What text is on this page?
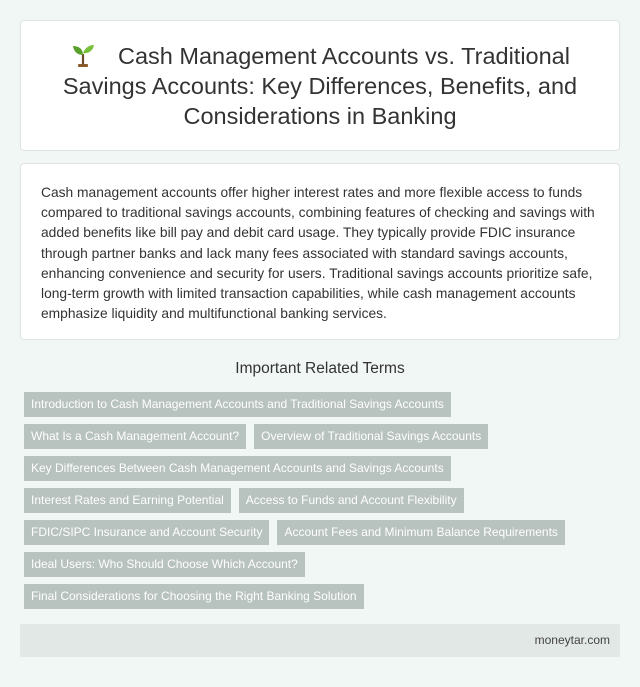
Cash Management Accounts vs. Traditional Savings Accounts: Key Differences, Benefits, and Considerations in Banking

Cash management accounts offer higher interest rates and more flexible access to funds compared to traditional savings accounts, combining features of checking and savings with added benefits like bill pay and debit card usage. They typically provide FDIC insurance through partner banks and lack many fees associated with standard savings accounts, enhancing convenience and security for users. Traditional savings accounts prioritize safe, long-term growth with limited transaction capabilities, while cash management accounts emphasize liquidity and multifunctional banking services.

Important Related Terms
Introduction to Cash Management Accounts and Traditional Savings Accounts
What Is a Cash Management Account?	Overview of Traditional Savings Accounts
Key Differences Between Cash Management Accounts and Savings Accounts
Interest Rates and Earning Potential	Access to Funds and Account Flexibility
FDIC/SIPC Insurance and Account Security	Account Fees and Minimum Balance Requirements
Ideal Users: Who Should Choose Which Account?
Final Considerations for Choosing the Right Banking Solution
moneytar.com
